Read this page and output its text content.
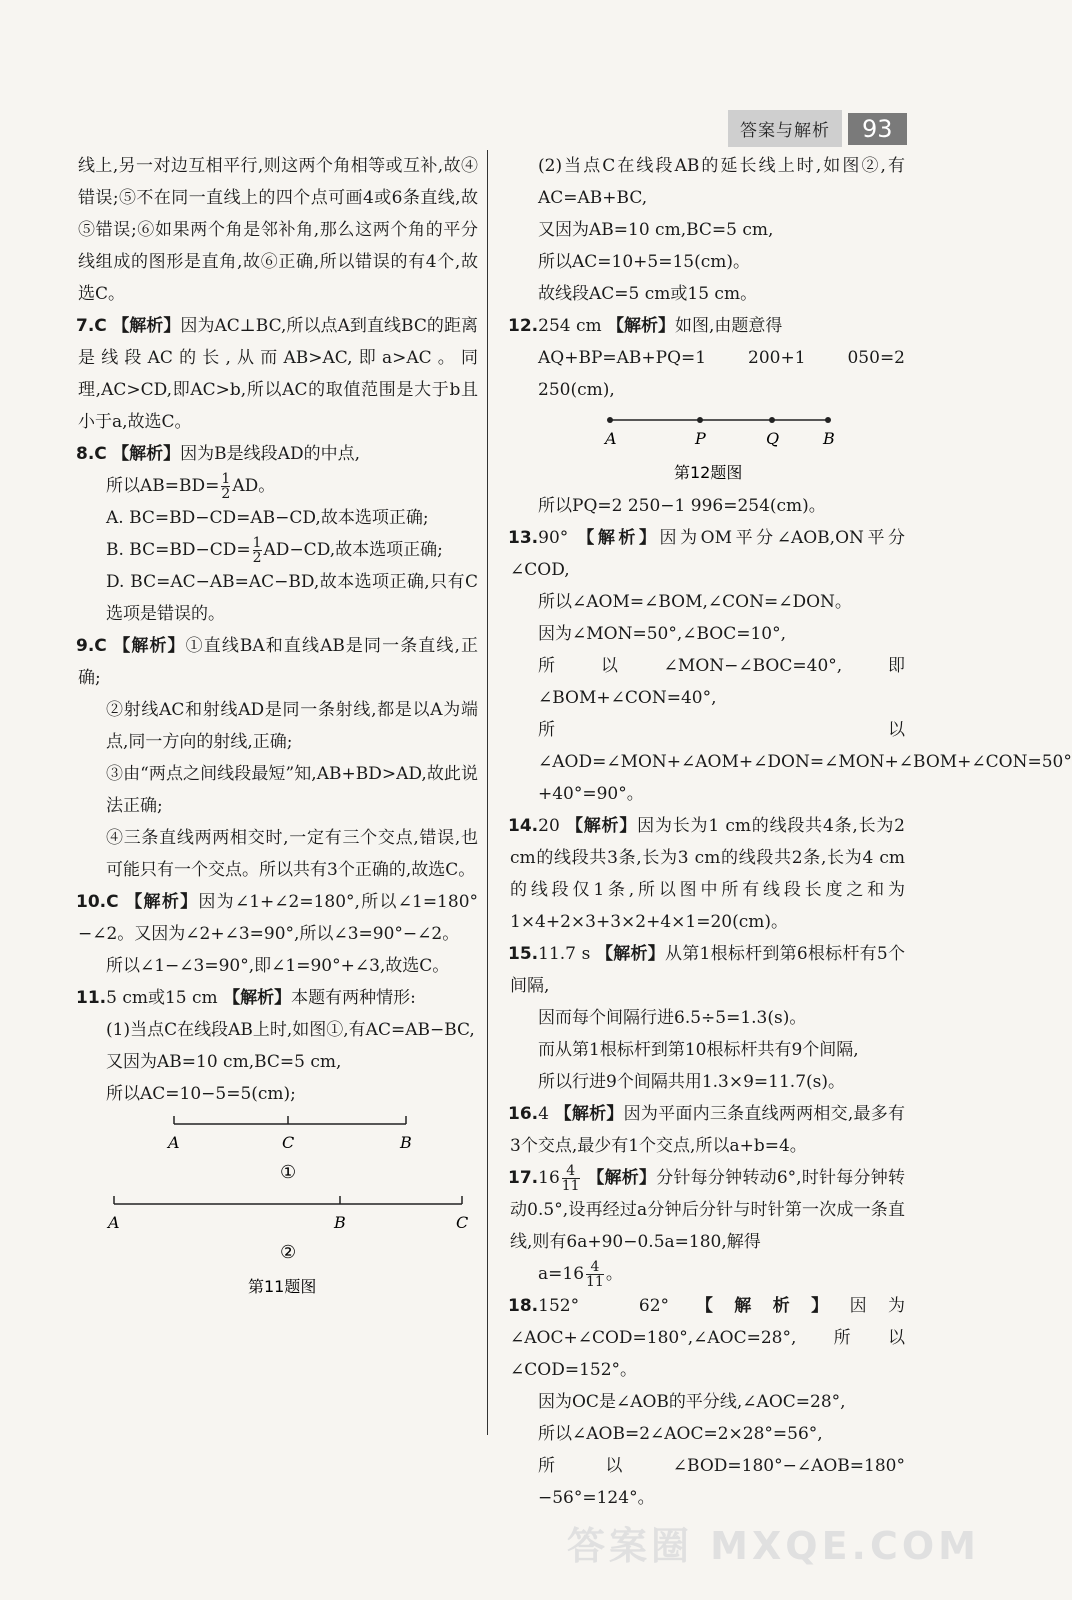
答案与解析	93

线上,另一对边互相平行,则这两个角相等或互补,故④错误;⑤不在同一直线上的四个点可画4或6条直线,故⑤错误;⑥如果两个角是邻补角,那么这两个角的平分线组成的图形是直角,故⑥正确,所以错误的有4个,故选C。

7.C 【解析】因为AC⊥BC,所以点A到直线BC的距离是线段AC的长,从而AB>AC,即a>AC。同理,AC>CD,即AC>b,所以AC的取值范围是大于b且小于a,故选C。

8.C 【解析】因为B是线段AD的中点,

所以$AB=BD= \frac{1}{2}$ AD。

A. BC=BD−CD=AB−CD,故本选项正确;

B. $BC=BD-CD= \frac{1}{2} AD-CD$,故本选项正确;

D. BC=AC−AB=AC−BD,故本选项正确,只有C选项是错误的。

9.C 【解析】①直线BA和直线AB是同一条直线,正确;

②射线AC和射线AD是同一条射线,都是以A为端点,同一方向的射线,正确;

③由“两点之间线段最短”知,AB+BD>AD,故此说法正确;

④三条直线两两相交时,一定有三个交点,错误,也可能只有一个交点。所以共有3个正确的,故选C。

10.C 【解析】因为∠1+∠2=180°,所以∠1=180°−∠2。又因为∠2+∠3=90°,所以∠3=90°−∠2。

所以∠1−∠3=90°,即∠1=90°+∠3,故选C。

11.5 cm或15 cm 【解析】本题有两种情形:

(1)当点C在线段AB上时,如图①,有AC=AB−BC,

又因为AB=10 cm,BC=5 cm,

所以AC=10−5=5(cm);

A	C	B
①
A	B	C
②
第11题图

(2)当点C在线段AB的延长线上时,如图②,有AC=AB+BC,

又因为AB=10 cm,BC=5 cm,

所以AC=10+5=15(cm)。

故线段AC=5 cm或15 cm。

12.254 cm 【解析】如图,由题意得

AQ+BP=AB+PQ=1 200+1 050=2 250(cm),

A	P	Q	B
第12题图

所以PQ=2 250−1 996=254(cm)。

13.90° 【解析】因为OM平分∠AOB,ON平分∠COD,

所以∠AOM=∠BOM,∠CON=∠DON。

因为∠MON=50°,∠BOC=10°,

所以∠MON−∠BOC=40°,即∠BOM+∠CON=40°,

所以∠AOD=∠MON+∠AOM+∠DON=∠MON+∠BOM+∠CON=50°+40°=90°。

14.20 【解析】因为长为1 cm的线段共4条,长为2 cm的线段共3条,长为3 cm的线段共2条,长为4 cm的线段仅1条,所以图中所有线段长度之和为1×4+2×3+3×2+4×1=20(cm)。

15.11.7 s 【解析】从第1根标杆到第6根标杆有5个间隔,

因而每个间隔行进6.5÷5=1.3(s)。

而从第1根标杆到第10根标杆共有9个间隔,

所以行进9个间隔共用1.3×9=11.7(s)。

16.4 【解析】因为平面内三条直线两两相交,最多有3个交点,最少有1个交点,所以a+b=4。

$17.16 \frac{4}{11}$ 【解析】分针每分钟转动6°,时针每分钟转动0.5°,设再经过a分钟后分针与时针第一次成一条直线,则有6a+90−0.5a=180,解得

$a=16 \frac{4}{11}$ 。

18.152°　62° 【解析】因为∠AOC+∠COD=180°,∠AOC=28°,所以∠COD=152°。

因为OC是∠AOB的平分线,∠AOC=28°,

所以∠AOB=2∠AOC=2×28°=56°,

所以∠BOD=180°−∠AOB=180°−56°=124°。

答案圈 MXQE.COM
